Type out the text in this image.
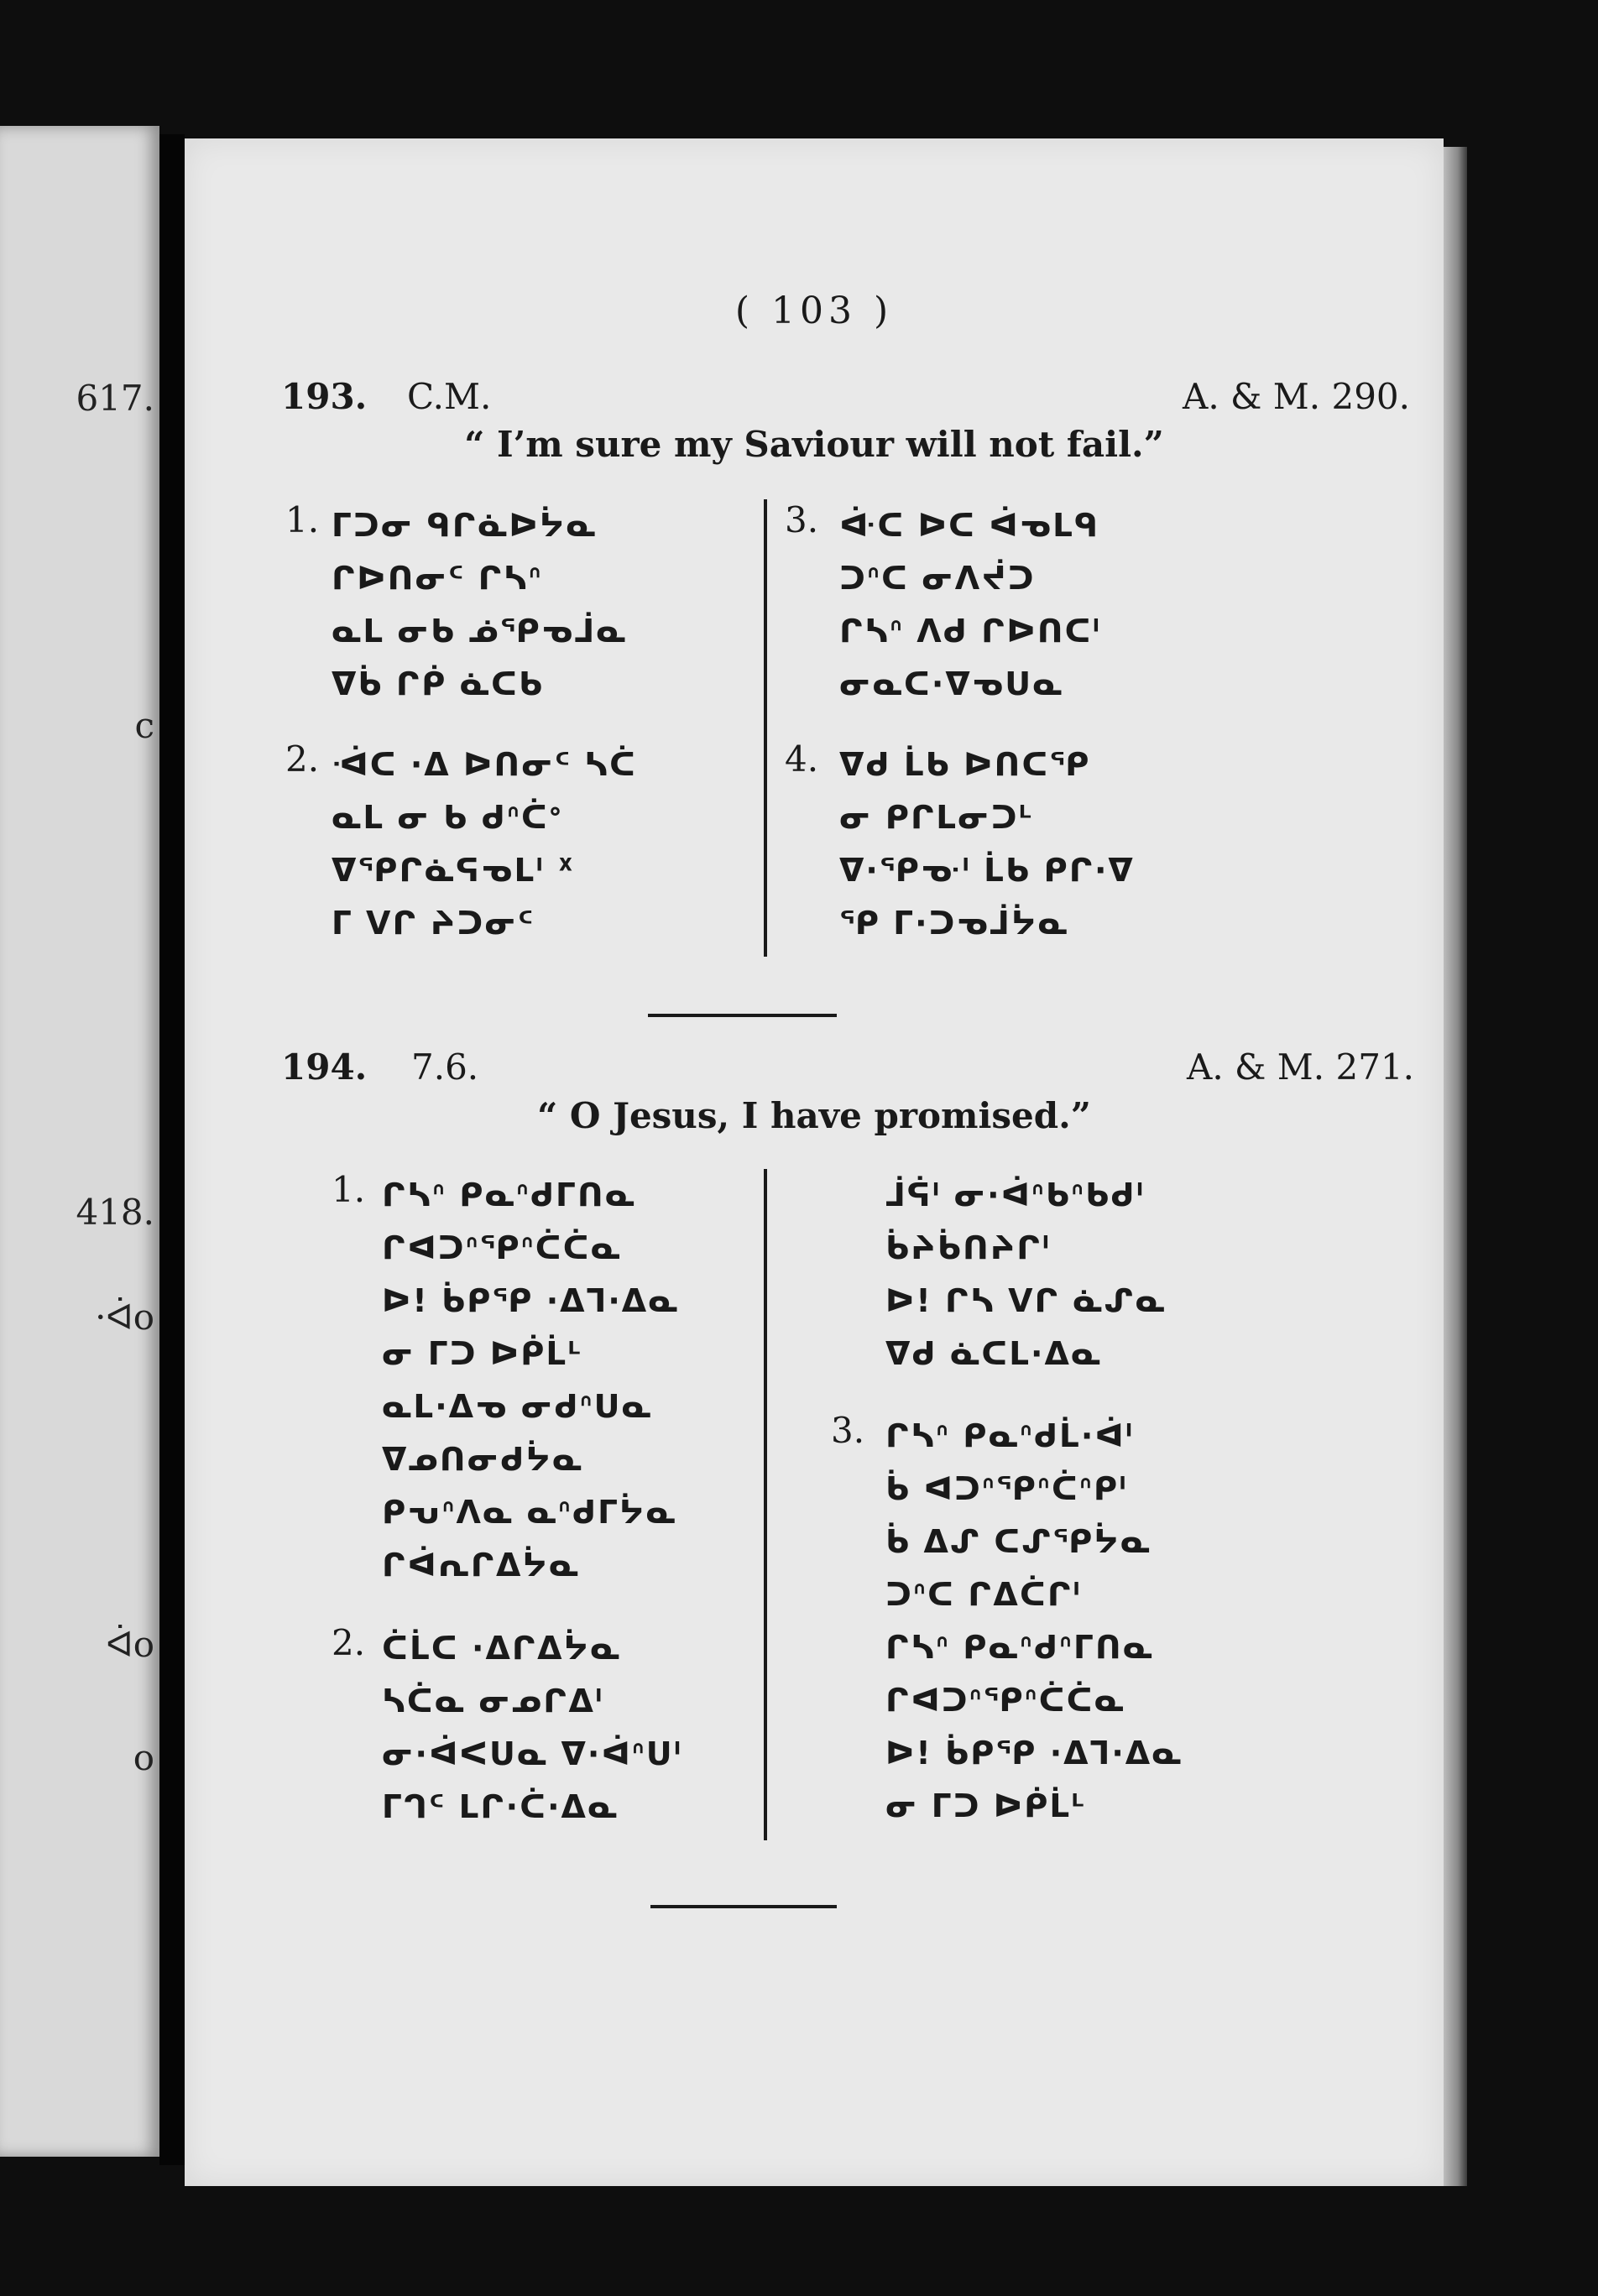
617.
c
418.
·ᐋo
ᐋo
o
( 103 )
193. C.M.	A. & M. 290.
“ I’m sure my Saviour will not fail.”
1. ᒥᑐᓂ ᑫᒋᓈᐅᔮᓇ
ᒋᐅᑎᓂᑦ ᒋᓴᐢ
ᓇᒪ ᓂᑲ ᓅᕿᓀᒨᓇ
ᐁᑳ ᒋᑮ ᓈᑕᑲ
2. ᐙᑕ ·ᐃ ᐅᑎᓂᑦ ᓴᑖ
ᓇᒪ ᓂ ᑲ ᑯᐢᑖᐤ
ᐁᕿᒋᓈᕋᓀᒪᑊ ᕽ
ᒥ ᐯᒋ ᔨᑐᓂᑦ
3. ᐚᑕ ᐅᑕ ᐋᓀᒪᑫ
ᑐᐢᑕ ᓂᐱᔫᑐ
ᒋᓴᐢ ᐱᑯ ᒋᐅᑎᑕᑊ
ᓂᓇᑕ·ᐁᓀᑌᓇ
4. ᐁᑯ ᒫᑲ ᐅᑎᑕᕿ
ᓂ ᑭᒋᒪᓂᑐᒻ
ᐁ·ᕿᓊᑊ ᒫᑲ ᑭᒋ·ᐁ
ᕿ ᒥ·ᑐᓀᒨᔮᓇ
194. 7.6.	A. & M. 271.
“ O Jesus, I have promised.”
1. ᒋᓴᐢ ᑭᓇᐢᑯᒥᑎᓇ
ᒋᐊᑐᐢᕿᐢᑖᑖᓇ
ᐅ! ᑳᑭᕿ ·ᐃᒣ·ᐃᓇ
ᓂ ᒥᑐ ᐅᑮᒫᒻ
ᓇᒪ·ᐃᓀ ᓂᑯᐢᑌᓇ
ᐁᓄᑎᓂᑯᔮᓇ
ᑭᕃᐢᐱᓇ ᓇᐢᑯᒥᔮᓇ
ᒋᐋᕆᒋᐃᔮᓇ
2. ᑖᒫᑕ ·ᐃᒋᐃᔮᓇ
ᓴᑖᓇ ᓂᓄᒋᐃᑊ
ᓂ·ᐋᐸᑌᓇ ᐁ·ᐋᐢᑌᑊ
ᒥᒉᑦ ᒪᒋ·ᑖ·ᐃᓇ
ᒨᕌᑊ ᓂ·ᐋᐢᑲᐢᑲᑯᑊ
ᑳᔨᑳᑎᔨᒋᑊ
ᐅ! ᒋᓴ ᐯᒋ ᓈᔑᓇ
ᐁᑯ ᓈᑕᒪ·ᐃᓇ
3. ᒋᓴᐢ ᑭᓇᐢᑯᒫ·ᐋᑊ
ᑳ ᐊᑐᐢᕿᐢᑖᐢᑭᑊ
ᑳ ᐃᔑ ᑕᔑᕿᔮᓇ
ᑐᐢᑕ ᒋᐃᑖᒋᑊ
ᒋᓴᐢ ᑭᓇᐢᑯᐢᒥᑎᓇ
ᒋᐊᑐᐢᕿᐢᑖᑖᓇ
ᐅ! ᑳᑭᕿ ·ᐃᒣ·ᐃᓇ
ᓂ ᒥᑐ ᐅᑮᒫᒻ
